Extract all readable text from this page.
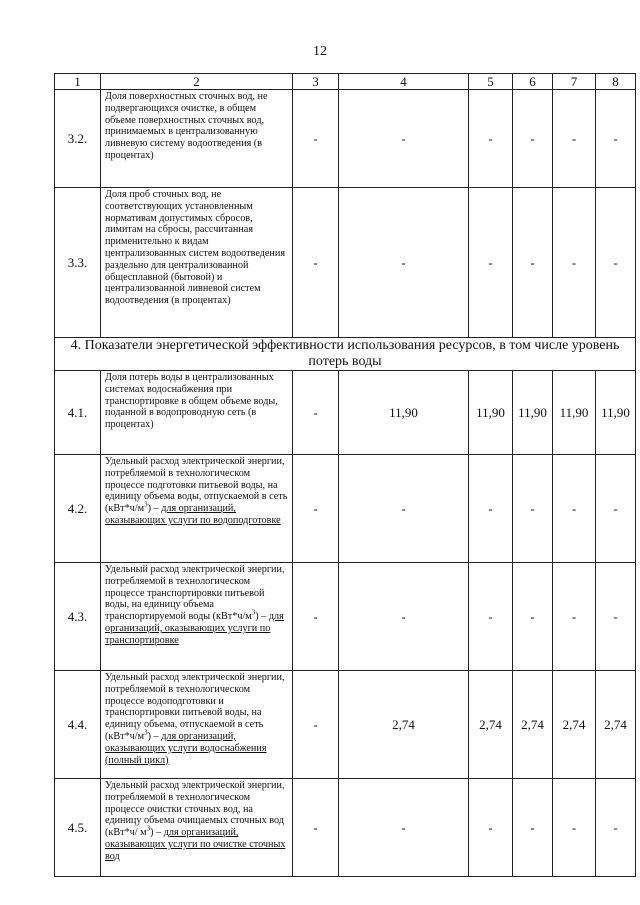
12
1	2	3	4	5	6	7	8
3.2.	Доля поверхностных сточных вод, не подвергающихся очистке, в общем объеме поверхностных сточных вод, принимаемых в централизованную ливневую систему водоотведения (в процентах)	-	-	-	-	-	-
3.3.	Доля проб сточных вод, не соответствующих установленным нормативам допустимых сбросов, лимитам на сбросы, рассчитанная применительно к видам централизованных систем водоотведения раздельно для централизованной общесплавной (бытовой) и централизованной ливневой систем водоотведения (в процентах)	-	-	-	-	-	-
4. Показатели энергетической эффективности использования ресурсов, в том числе уровень потерь воды							
4.1.	Доля потерь воды в централизованных системах водоснабжения при транспортировке в общем объеме воды, поданной в водопроводную сеть (в процентах)	-	11,90	11,90	11,90	11,90	11,90
4.2.	Удельный расход электрической энергии, потребляемой в технологическом процессе подготовки питьевой воды, на единицу объема воды, отпускаемой в сеть $(кВт*ч/м^3)$ – для организаций, оказывающих услуги по водоподготовке	-	-	-	-	-	-
4.3.	Удельный расход электрической энергии, потребляемой в технологическом процессе транспортировки питьевой воды, на единицу объема транспортируемой воды $(кВт*ч/м^3)$ – для организаций, оказывающих услуги по транспортировке	-	-	-	-	-	-
4.4.	Удельный расход электрической энергии, потребляемой в технологическом процессе водоподготовки и транспортировки питьевой воды, на единицу объема, отпускаемой в сеть $(кВт*ч/м^3)$ – для организаций, оказывающих услуги водоснабжения (полный цикл)	-	2,74	2,74	2,74	2,74	2,74
4.5.	Удельный расход электрической энергии, потребляемой в технологическом процессе очистки сточных вод, на единицу объема очищаемых сточных вод (кВт*ч/ $м^3$) – для организаций, оказывающих услуги по очистке сточных вод	-	-	-	-	-	-
